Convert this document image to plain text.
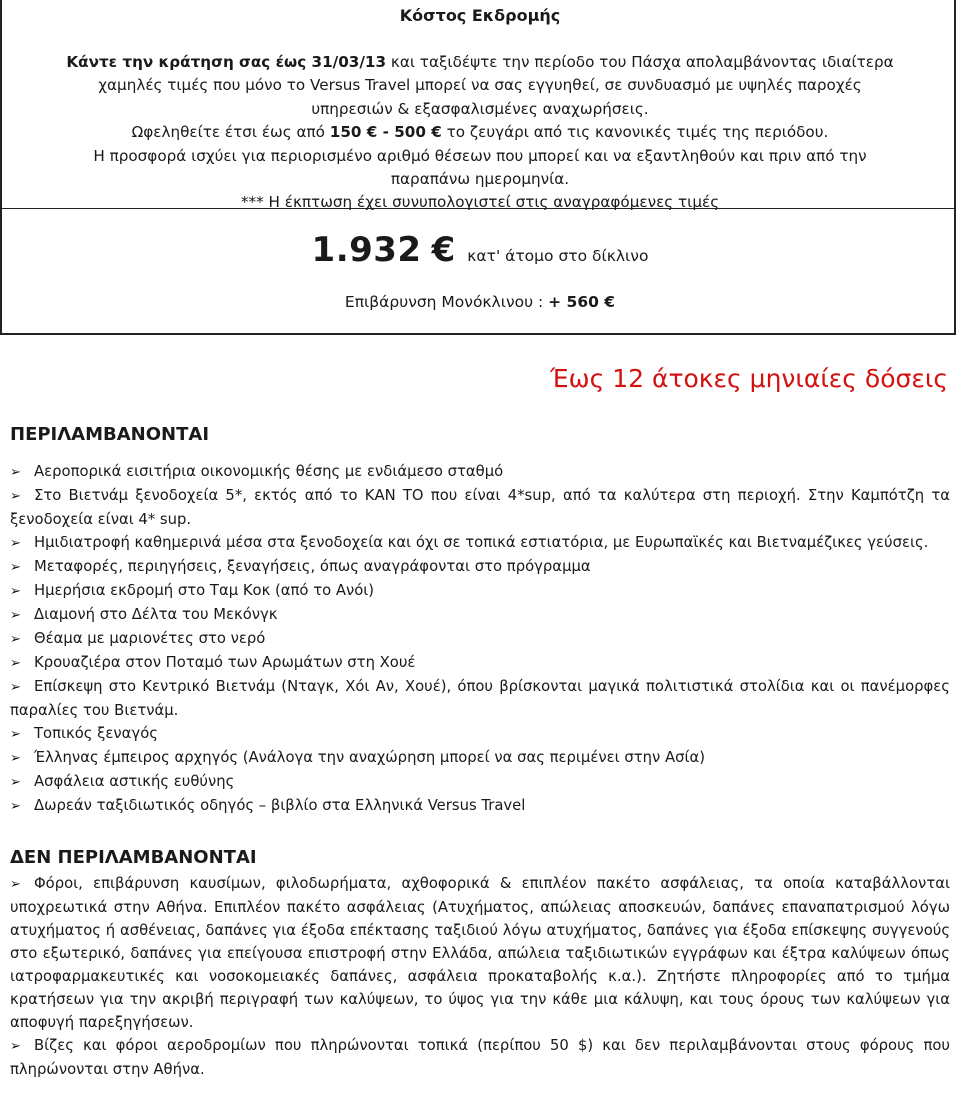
Κόστος Εκδρομής
Κάντε την κράτηση σας έως 31/03/13 και ταξιδέψτε την περίοδο του Πάσχα απολαμβάνοντας ιδιαίτερα
χαμηλές τιμές που μόνο το Versus Travel μπορεί να σας εγγυηθεί, σε συνδυασμό με υψηλές παροχές
υπηρεσιών & εξασφαλισμένες αναχωρήσεις.
Ωφεληθείτε έτσι έως από 150 € - 500 € το ζευγάρι από τις κανονικές τιμές της περιόδου.
Η προσφορά ισχύει για περιορισμένο αριθμό θέσεων που μπορεί και να εξαντληθούν και πριν από την
παραπάνω ημερομηνία.
*** Η έκπτωση έχει συνυπολογιστεί στις αναγραφόμενες τιμές
1.932 € κατ' άτομο στο δίκλινο
Επιβάρυνση Μονόκλινου : + 560 €
Έως 12 άτοκες μηνιαίες δόσεις
ΠΕΡΙΛΑΜΒΑΝΟΝΤΑΙ
➢ Αεροπορικά εισιτήρια οικονομικής θέσης με ενδιάμεσο σταθμό
➢ Στο Βιετνάμ ξενοδοχεία 5*, εκτός από το ΚΑΝ ΤΟ που είναι 4*sup, από τα καλύτερα στη περιοχή. Στην Καμπότζη τα ξενοδοχεία είναι 4* sup.
➢ Ημιδιατροφή καθημερινά μέσα στα ξενοδοχεία και όχι σε τοπικά εστιατόρια, με Ευρωπαϊκές και Βιετναμέζικες γεύσεις.
➢ Μεταφορές, περιηγήσεις, ξεναγήσεις, όπως αναγράφονται στο πρόγραμμα
➢ Ημερήσια εκδρομή στο Ταμ Κοκ (από το Ανόι)
➢ Διαμονή στο Δέλτα του Μεκόνγκ
➢ Θέαμα με μαριονέτες στο νερό
➢ Κρουαζιέρα στον Ποταμό των Αρωμάτων στη Χουέ
➢ Επίσκεψη στο Κεντρικό Βιετνάμ (Νταγκ, Χόι Αν, Χουέ), όπου βρίσκονται μαγικά πολιτιστικά στολίδια και οι πανέμορφες παραλίες του Βιετνάμ.
➢ Τοπικός ξεναγός
➢ Έλληνας έμπειρος αρχηγός (Ανάλογα την αναχώρηση μπορεί να σας περιμένει στην Ασία)
➢ Ασφάλεια αστικής ευθύνης
➢ Δωρεάν ταξιδιωτικός οδηγός – βιβλίο στα Ελληνικά Versus Travel
ΔΕΝ ΠΕΡΙΛΑΜΒΑΝΟΝΤΑΙ
➢ Φόροι, επιβάρυνση καυσίμων, φιλοδωρήματα, αχθοφορικά & επιπλέον πακέτο ασφάλειας, τα οποία καταβάλλονται υποχρεωτικά στην Αθήνα. Επιπλέον πακέτο ασφάλειας (Ατυχήματος, απώλειας αποσκευών, δαπάνες επαναπατρισμού λόγω ατυχήματος ή ασθένειας, δαπάνες για έξοδα επέκτασης ταξιδιού λόγω ατυχήματος, δαπάνες για έξοδα επίσκεψης συγγενούς στο εξωτερικό, δαπάνες για επείγουσα επιστροφή στην Ελλάδα, απώλεια ταξιδιωτικών εγγράφων και έξτρα καλύψεων όπως ιατροφαρμακευτικές και νοσοκομειακές δαπάνες, ασφάλεια προκαταβολής κ.α.). Ζητήστε πληροφορίες από το τμήμα κρατήσεων για την ακριβή περιγραφή των καλύψεων, το ύψος για την κάθε μια κάλυψη, και τους όρους των καλύψεων για αποφυγή παρεξηγήσεων.
➢ Βίζες και φόροι αεροδρομίων που πληρώνονται τοπικά (περίπου 50 $) και δεν περιλαμβάνονται στους φόρους που πληρώνονται στην Αθήνα.
